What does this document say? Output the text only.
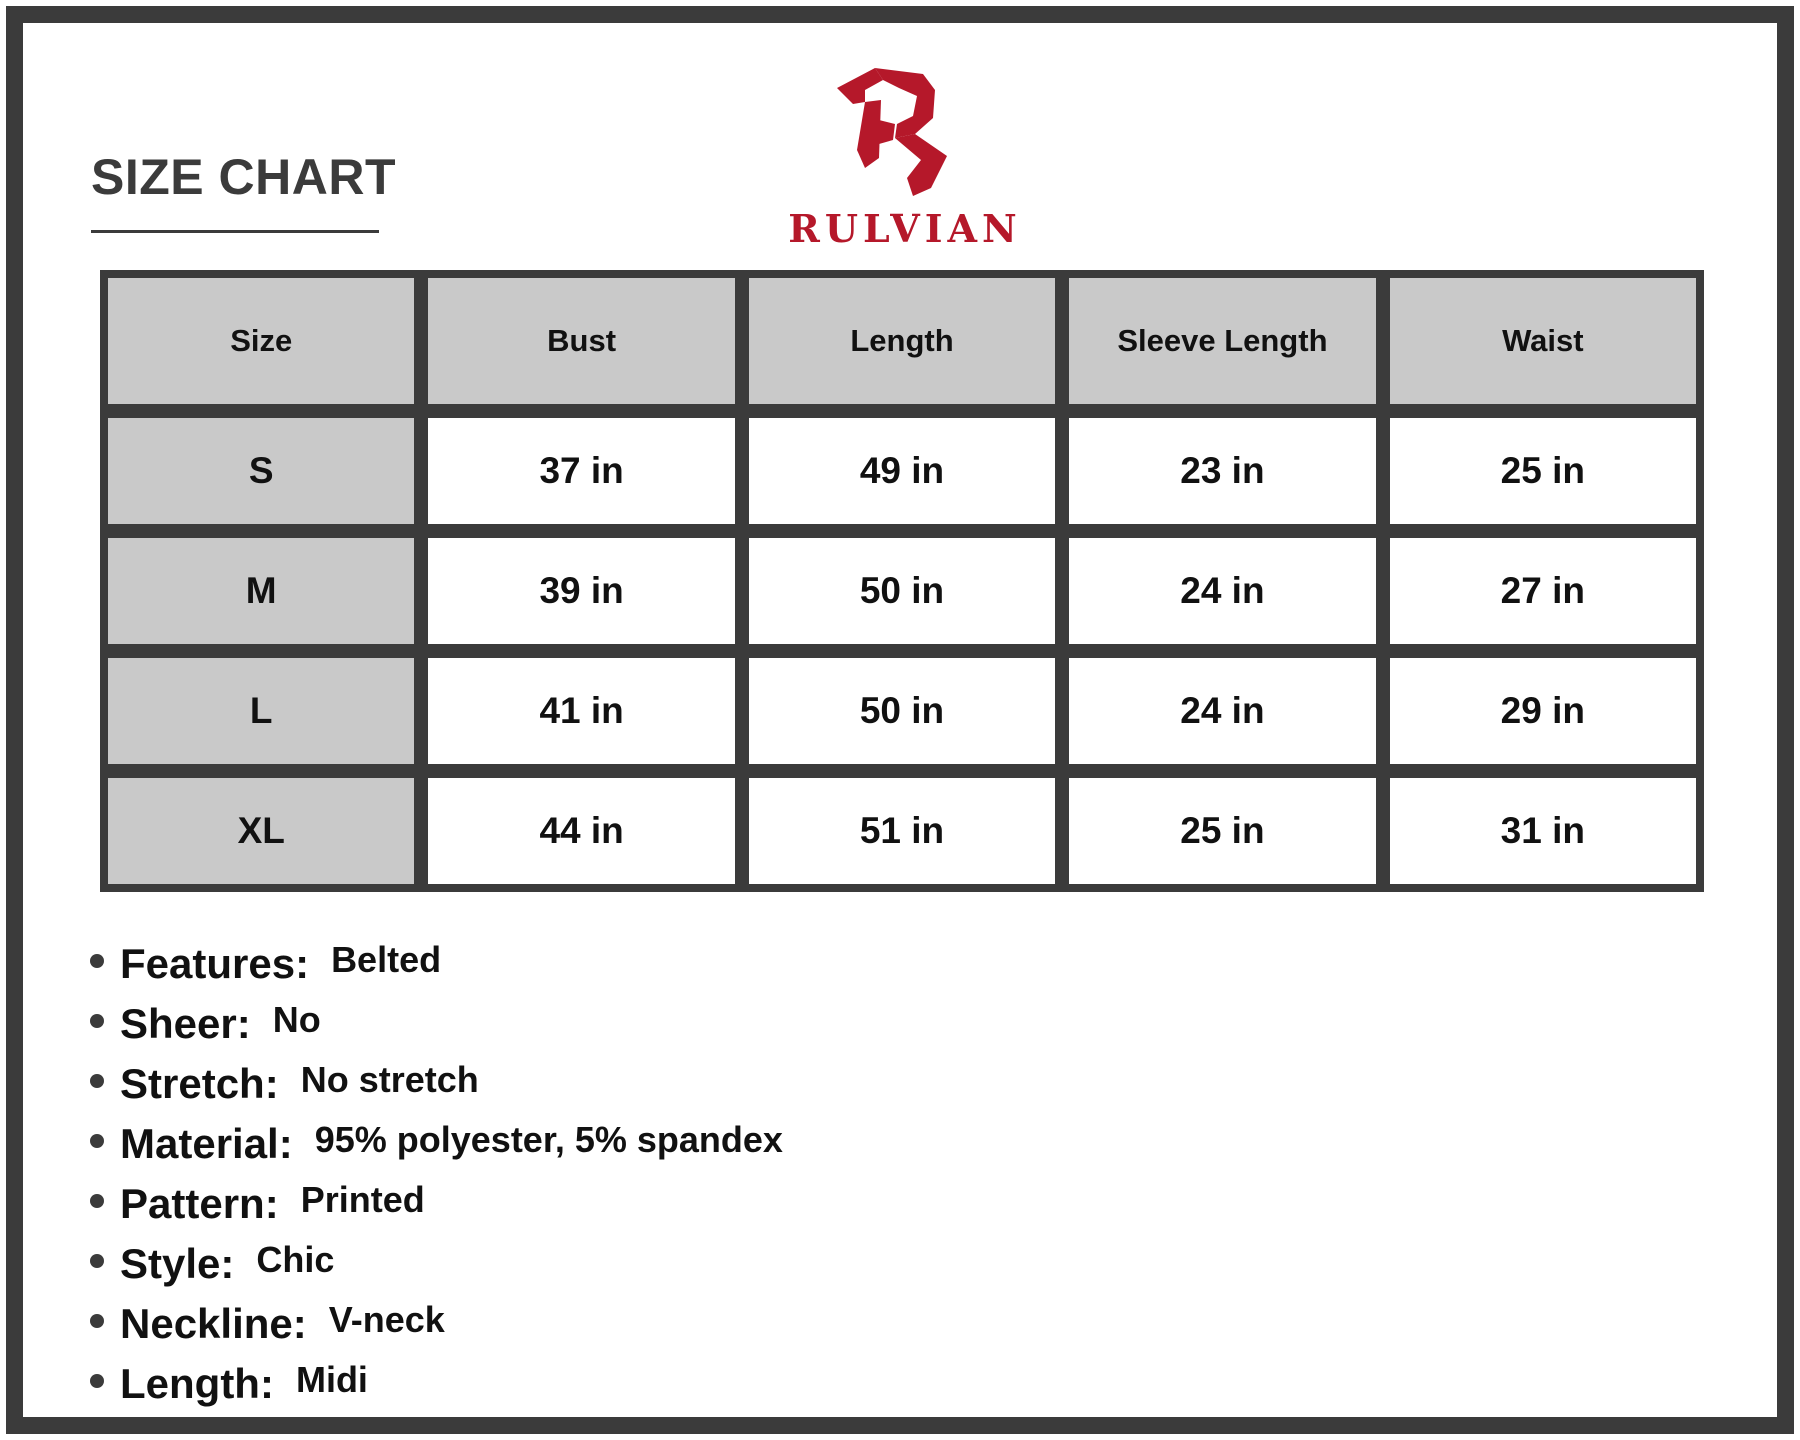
SIZE CHART
RULVIAN
Size	Bust	Length	Sleeve Length	Waist
S	37 in	49 in	23 in	25 in
M	39 in	50 in	24 in	27 in
L	41 in	50 in	24 in	29 in
XL	44 in	51 in	25 in	31 in
Features: Belted
Sheer: No
Stretch: No stretch
Material: 95% polyester, 5% spandex
Pattern: Printed
Style: Chic
Neckline: V-neck
Length: Midi
